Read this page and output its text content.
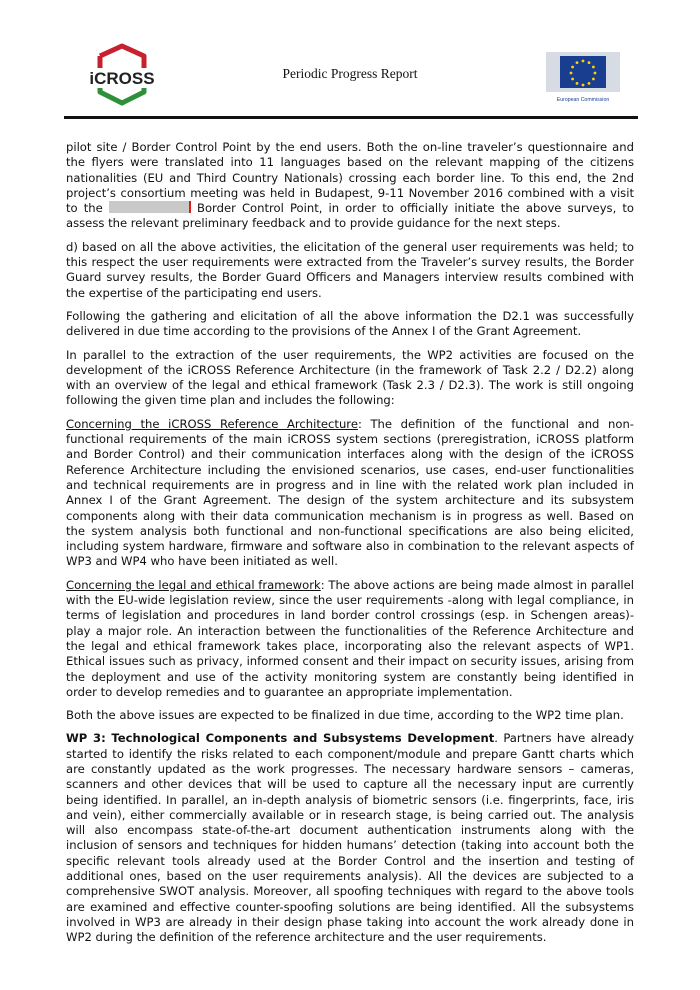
iCROSS	Periodic Progress Report
European Commission

pilot site / Border Control Point by the end users. Both the on-line traveler’s questionnaire and the flyers were translated into 11 languages based on the relevant mapping of the citizens nationalities (EU and Third Country Nationals) crossing each border line. To this end, the 2nd project’s consortium meeting was held in Budapest, 9-11 November 2016 combined with a visit to the	Border Control Point, in order to officially initiate the above surveys, to assess the relevant preliminary feedback and to provide guidance for the next steps.

d) based on all the above activities, the elicitation of the general user requirements was held; to this respect the user requirements were extracted from the Traveler’s survey results, the Border Guard survey results, the Border Guard Officers and Managers interview results combined with the expertise of the participating end users.

Following the gathering and elicitation of all the above information the D2.1 was successfully delivered in due time according to the provisions of the Annex I of the Grant Agreement.

In parallel to the extraction of the user requirements, the WP2 activities are focused on the development of the iCROSS Reference Architecture (in the framework of Task 2.2 / D2.2) along with an overview of the legal and ethical framework (Task 2.3 / D2.3). The work is still ongoing following the given time plan and includes the following:

Concerning the iCROSS Reference Architecture: The definition of the functional and non-functional requirements of the main iCROSS system sections (preregistration, iCROSS platform and Border Control) and their communication interfaces along with the design of the iCROSS Reference Architecture including the envisioned scenarios, use cases, end-user functionalities and technical requirements are in progress and in line with the related work plan included in Annex I of the Grant Agreement. The design of the system architecture and its subsystem components along with their data communication mechanism is in progress as well. Based on the system analysis both functional and non-functional specifications are also being elicited, including system hardware, firmware and software also in combination to the relevant aspects of WP3 and WP4 who have been initiated as well.

Concerning the legal and ethical framework: The above actions are being made almost in parallel with the EU-wide legislation review, since the user requirements -along with legal compliance, in terms of legislation and procedures in land border control crossings (esp. in Schengen areas)- play a major role. An interaction between the functionalities of the Reference Architecture and the legal and ethical framework takes place, incorporating also the relevant aspects of WP1. Ethical issues such as privacy, informed consent and their impact on security issues, arising from the deployment and use of the activity monitoring system are constantly being identified in order to develop remedies and to guarantee an appropriate implementation.

Both the above issues are expected to be finalized in due time, according to the WP2 time plan.

WP 3: Technological Components and Subsystems Development. Partners have already started to identify the risks related to each component/module and prepare Gantt charts which are constantly updated as the work progresses. The necessary hardware sensors – cameras, scanners and other devices that will be used to capture all the necessary input are currently being identified. In parallel, an in-depth analysis of biometric sensors (i.e. fingerprints, face, iris and vein), either commercially available or in research stage, is being carried out. The analysis will also encompass state-of-the-art document authentication instruments along with the inclusion of sensors and techniques for hidden humans’ detection (taking into account both the specific relevant tools already used at the Border Control and the insertion and testing of additional ones, based on the user requirements analysis). All the devices are subjected to a comprehensive SWOT analysis. Moreover, all spoofing techniques with regard to the above tools are examined and effective counter-spoofing solutions are being identified. All the subsystems involved in WP3 are already in their design phase taking into account the work already done in WP2 during the definition of the reference architecture and the user requirements.
